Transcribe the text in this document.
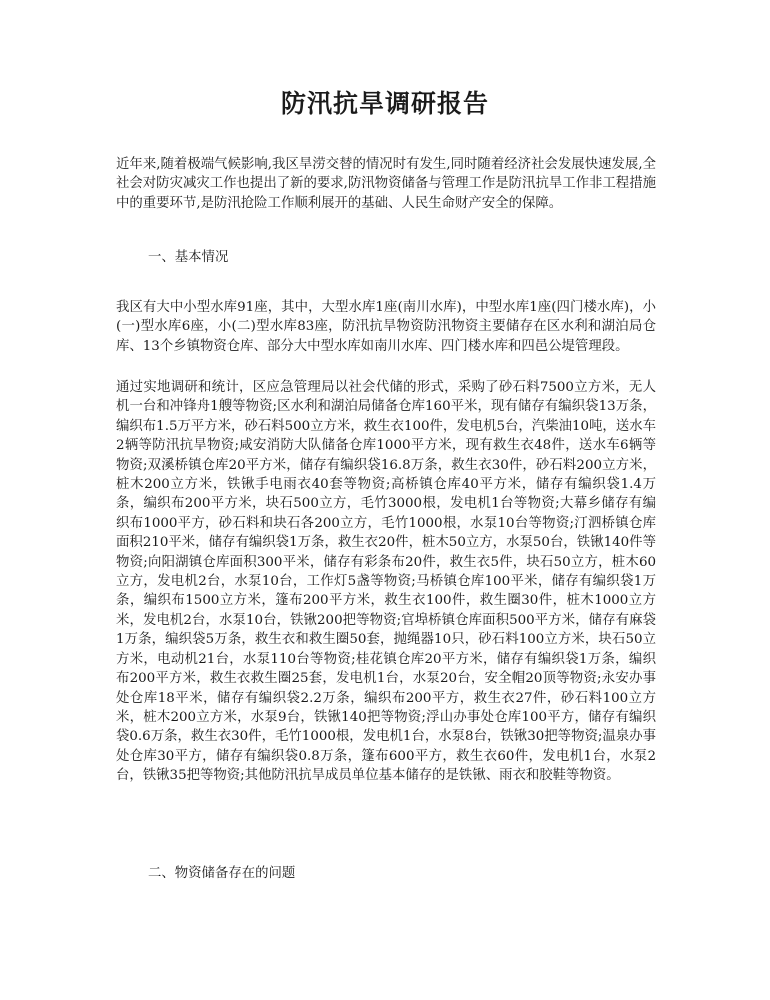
防汛抗旱调研报告

近年来,随着极端气候影响,我区旱涝交替的情况时有发生,同时随着经济社会发展快速发展,全社会对防灾减灾工作也提出了新的要求,防汛物资储备与管理工作是防汛抗旱工作非工程措施中的重要环节,是防汛抢险工作顺利展开的基础、人民生命财产安全的保障。

一、基本情况

我区有大中小型水库91座，其中，大型水库1座(南川水库)，中型水库1座(四门楼水库)，小(一)型水库6座，小(二)型水库83座，防汛抗旱物资防汛物资主要储存在区水利和湖泊局仓库、13个乡镇物资仓库、部分大中型水库如南川水库、四门楼水库和四邑公堤管理段。

通过实地调研和统计，区应急管理局以社会代储的形式，采购了砂石料7500立方米，无人机一台和冲锋舟1艘等物资;区水利和湖泊局储备仓库160平米，现有储存有编织袋13万条，编织布1.5万平方米，砂石料500立方米，救生衣100件，发电机5台，汽柴油10吨，送水车2辆等防汛抗旱物资;咸安消防大队储备仓库1000平方米，现有救生衣48件，送水车6辆等物资;双溪桥镇仓库20平方米，储存有编织袋16.8万条，救生衣30件，砂石料200立方米，桩木200立方米，铁锹手电雨衣40套等物资;高桥镇仓库40平方米，储存有编织袋1.4万条，编织布200平方米，块石500立方，毛竹3000根，发电机1台等物资;大幕乡储存有编织布1000平方，砂石料和块石各200立方，毛竹1000根，水泵10台等物资;汀泗桥镇仓库面积210平米，储存有编织袋1万条，救生衣20件，桩木50立方，水泵50台，铁锹140件等物资;向阳湖镇仓库面积300平米，储存有彩条布20件，救生衣5件，块石50立方，桩木60立方，发电机2台，水泵10台，工作灯5盏等物资;马桥镇仓库100平米，储存有编织袋1万条，编织布1500立方米，篷布200平方米，救生衣100件，救生圈30件，桩木1000立方米，发电机2台，水泵10台，铁锹200把等物资;官埠桥镇仓库面积500平方米，储存有麻袋1万条，编织袋5万条，救生衣和救生圈50套，抛绳器10只，砂石料100立方米，块石50立方米，电动机21台，水泵110台等物资;桂花镇仓库20平方米，储存有编织袋1万条，编织布200平方米，救生衣救生圈25套，发电机1台，水泵20台，安全帽20顶等物资;永安办事处仓库18平米，储存有编织袋2.2万条，编织布200平方，救生衣27件，砂石料100立方米，桩木200立方米，水泵9台，铁锹140把等物资;浮山办事处仓库100平方，储存有编织袋0.6万条，救生衣30件，毛竹1000根，发电机1台，水泵8台，铁锹30把等物资;温泉办事处仓库30平方，储存有编织袋0.8万条，篷布600平方，救生衣60件，发电机1台，水泵2台，铁锹35把等物资;其他防汛抗旱成员单位基本储存的是铁锹、雨衣和胶鞋等物资。

二、物资储备存在的问题
